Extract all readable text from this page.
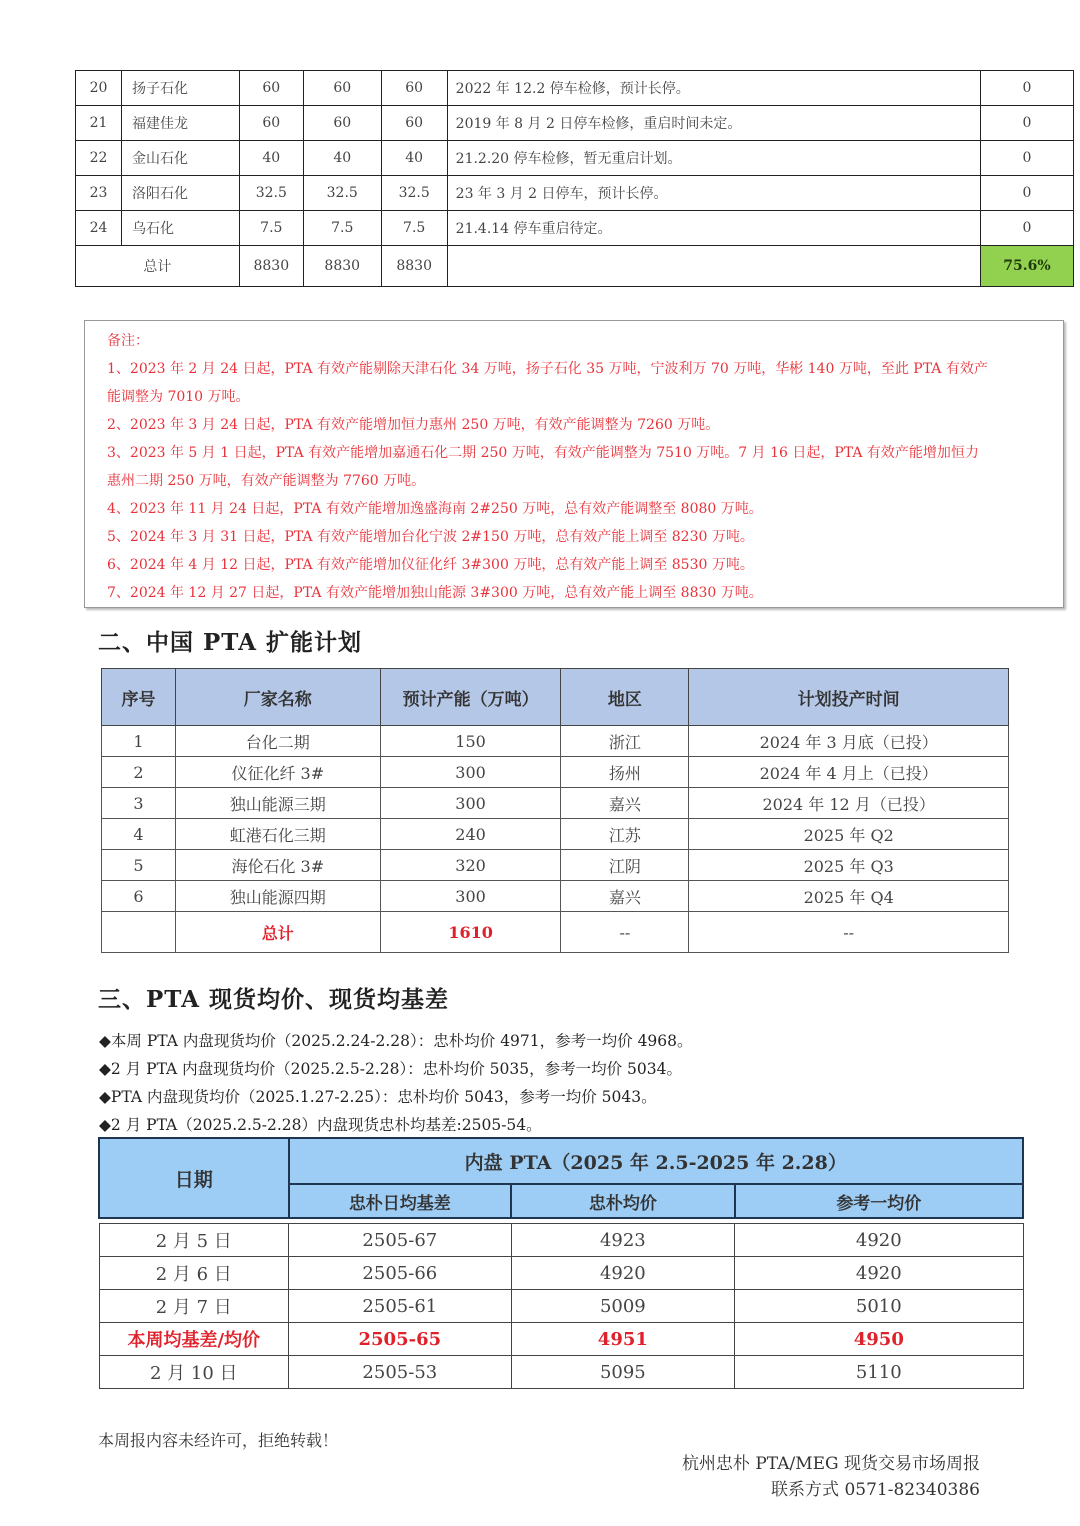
20	扬子石化	60	60	60	2022 年 12.2 停车检修，预计长停。	0
21	福建佳龙	60	60	60	2019 年 8 月 2 日停车检修，重启时间未定。	0
22	金山石化	40	40	40	21.2.20 停车检修，暂无重启计划。	0
23	洛阳石化	32.5	32.5	32.5	23 年 3 月 2 日停车，预计长停。	0
24	乌石化	7.5	7.5	7.5	21.4.14 停车重启待定。	0
总计		8830	8830	8830		75.6%
备注：
1、2023 年 2 月 24 日起，PTA 有效产能剔除天津石化 34 万吨，扬子石化 35 万吨，宁波利万 70 万吨，华彬 140 万吨，至此 PTA 有效产
能调整为 7010 万吨。
2、2023 年 3 月 24 日起，PTA 有效产能增加恒力惠州 250 万吨，有效产能调整为 7260 万吨。
3、2023 年 5 月 1 日起，PTA 有效产能增加嘉通石化二期 250 万吨，有效产能调整为 7510 万吨。7 月 16 日起，PTA 有效产能增加恒力
惠州二期 250 万吨，有效产能调整为 7760 万吨。
4、2023 年 11 月 24 日起，PTA 有效产能增加逸盛海南 2#250 万吨，总有效产能调整至 8080 万吨。
5、2024 年 3 月 31 日起，PTA 有效产能增加台化宁波 2#150 万吨，总有效产能上调至 8230 万吨。
6、2024 年 4 月 12 日起，PTA 有效产能增加仪征化纤 3#300 万吨，总有效产能上调至 8530 万吨。
7、2024 年 12 月 27 日起，PTA 有效产能增加独山能源 3#300 万吨，总有效产能上调至 8830 万吨。
二、中国 PTA 扩能计划
序号	厂家名称	预计产能（万吨）	地区	计划投产时间
1	台化二期	150	浙江	2024 年 3 月底（已投）
2	仪征化纤 3#	300	扬州	2024 年 4 月上（已投）
3	独山能源三期	300	嘉兴	2024 年 12 月（已投）
4	虹港石化三期	240	江苏	2025 年 Q2
5	海伦石化 3#	320	江阴	2025 年 Q3
6	独山能源四期	300	嘉兴	2025 年 Q4
	总计	1610	--	--
三、PTA 现货均价、现货均基差
◆本周 PTA 内盘现货均价（2025.2.24-2.28）：忠朴均价 4971，参考一均价 4968。
◆2 月 PTA 内盘现货均价（2025.2.5-2.28）：忠朴均价 5035，参考一均价 5034。
◆PTA 内盘现货均价（2025.1.27-2.25）：忠朴均价 5043，参考一均价 5043。
◆2 月 PTA（2025.2.5-2.28）内盘现货忠朴均基差:2505-54。
日期	内盘 PTA（2025 年 2.5-2025 年 2.28）		
	忠朴日均基差	忠朴均价	参考一均价

2 月 5 日	2505-67	4923	4920
2 月 6 日	2505-66	4920	4920
2 月 7 日	2505-61	5009	5010
本周均基差/均价	2505-65	4951	4950
2 月 10 日	2505-53	5095	5110
本周报内容未经许可，拒绝转载！
杭州忠朴 PTA/MEG 现货交易市场周报
联系方式 0571-82340386
